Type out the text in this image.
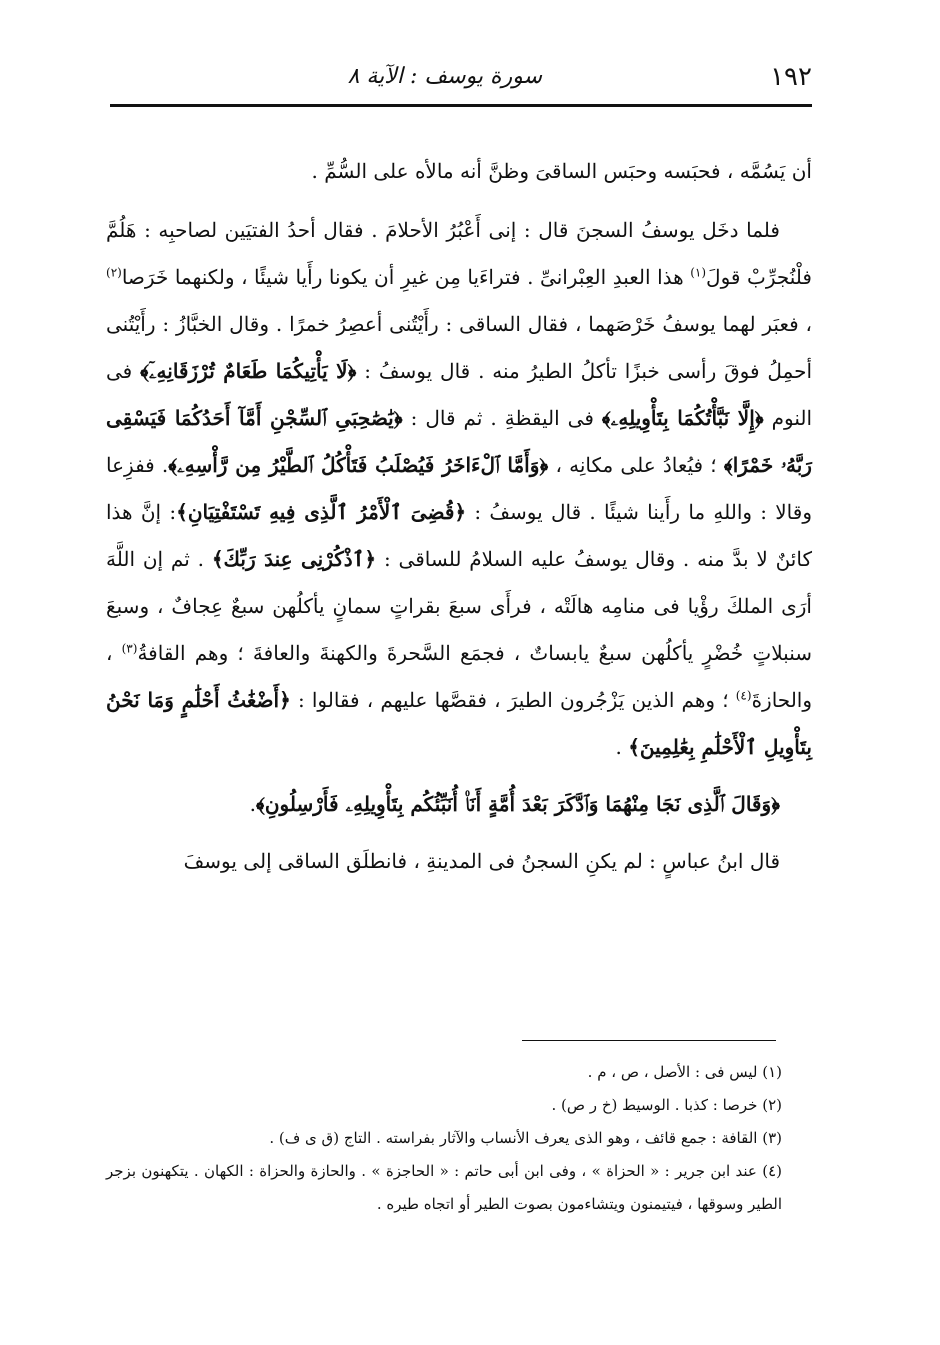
١٩٢
سورة يوسف : الآية ٨

أن يَسُمَّه ، فحبَسه وحبَس الساقىَ وظنَّ أنه مالأه على السُّمِّ .

فلما دخَل يوسفُ السجنَ قال : إنى أَعْبُرُ الأحلامَ . فقال أحدُ الفتيَين لصاحبِه : هَلُمَّ فلْنُجرِّبْ قولَ$^{(١)}$ هذا العبدِ العِبْرانىِّ . فتراءَيا مِن غيرِ أن يكونا رأَيا شيئًا ، ولكنهما خَرَصا$^{(٢)}$ ، فعبَر لهما يوسفُ خَرْصَهما ، فقال الساقى : رأَيْتُنى أعصِرُ خمرًا . وقال الخبَّازُ : رأَيْتُنى أحمِلُ فوقَ رأسى خبزًا تأكلُ الطيرُ منه . قال يوسفُ : ﴿لَا يَأْتِيكُمَا طَعَامٌ تُرْزَقَانِهِۦٓ﴾ فى النوم ﴿إِلَّا نَبَّأْتُكُمَا بِتَأْوِيلِهِۦ﴾ فى اليقظةِ . ثم قال : ﴿يَٰصَٰحِبَىِ ٱلسِّجْنِ أَمَّآ أَحَدُكُمَا فَيَسْقِى رَبَّهُۥ خَمْرًا﴾ ؛ فيُعادُ على مكانِه ، ﴿وَأَمَّا ٱلْءَاخَرُ فَيُصْلَبُ فَتَأْكُلُ ٱلطَّيْرُ مِن رَّأْسِهِۦ﴾. ففزِعا وقالا : واللهِ ما رأَينا شيئًا . قال يوسفُ : ﴿قُضِىَ ٱلْأَمْرُ ٱلَّذِى فِيهِ تَسْتَفْتِيَانِ﴾: إنَّ هذا كائنٌ لا بدَّ منه . وقال يوسفُ عليه السلامُ للساقى : ﴿ٱذْكُرْنِى عِندَ رَبِّكَ﴾ . ثم إن اللَّهَ أرَى الملكَ رؤْيا فى منامِه هالَتْه ، فرأَى سبعَ بقراتٍ سمانٍ يأكلُهن سبعٌ عِجافٌ ، وسبعَ سنبلاتٍ خُضْرٍ يأكلُهن سبعٌ يابساتٌ ، فجمَع السَّحرةَ والكهنةَ والعافةَ ؛ وهم القافةُ$^{(٣)}$ ، والحازةَ$^{(٤)}$ ؛ وهم الذين يَزْجُرون الطيرَ ، فقصَّها عليهم ، فقالوا : ﴿أَضْغَٰثُ أَحْلَٰمٍ وَمَا نَحْنُ بِتَأْوِيلِ ٱلْأَحْلَٰمِ بِعَٰلِمِينَ﴾ .

﴿وَقَالَ ٱلَّذِى نَجَا مِنْهُمَا وَٱدَّكَرَ بَعْدَ أُمَّةٍ أَنَا۠ أُنَبِّئُكُم بِتَأْوِيلِهِۦ فَأَرْسِلُونِ﴾.

قال ابنُ عباسٍ : لم يكنِ السجنُ فى المدينةِ ، فانطلَق الساقى إلى يوسفَ

(١) ليس فى : الأصل ، ص ، م .

(٢) خرصا : كذبا . الوسيط (خ ر ص) .

(٣) القافة : جمع قائف ، وهو الذى يعرف الأنساب والآثار بفراسته . التاج (ق ى ف) .

(٤) عند ابن جرير : « الحزاة » ، وفى ابن أبى حاتم : « الحاجزة » . والحازة والحزاة : الكهان . يتكهنون بزجر الطير وسوقها ، فيتيمنون ويتشاءمون بصوت الطير أو اتجاه طيره .
